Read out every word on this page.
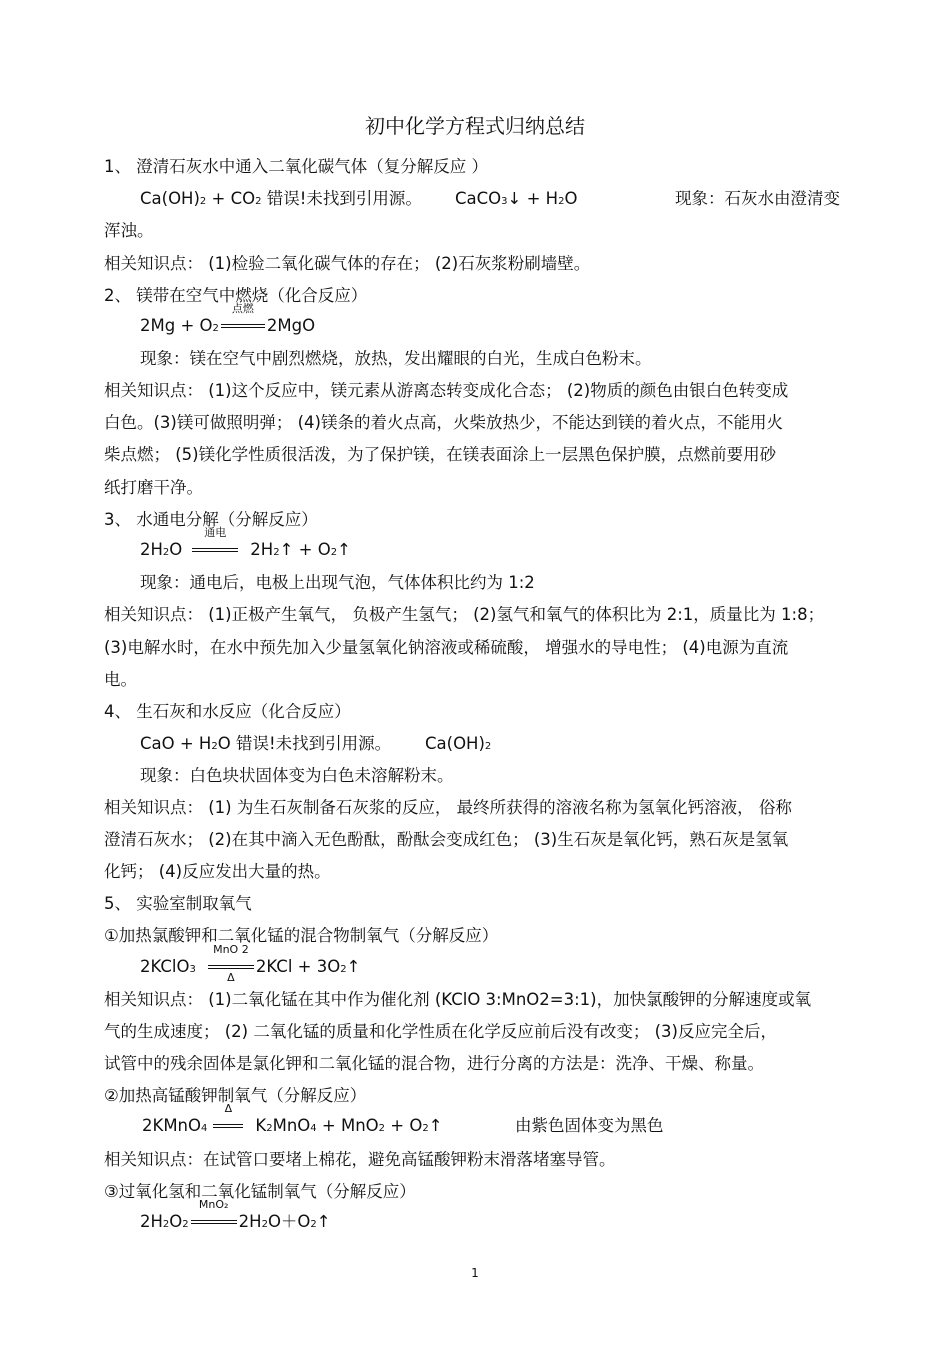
初中化学方程式归纳总结
1、 澄清石灰水中通入二氧化碳气体（复分解反应 ）
Ca(OH)2 + CO2 错误!未找到引用源。 CaCO3↓ + H2O	现象：石灰水由澄清变
浑浊。
相关知识点： (1)检验二氧化碳气体的存在； (2)石灰浆粉刷墙壁。
2、 镁带在空气中燃烧（化合反应）
2Mg + O2
点燃
2MgO
现象：镁在空气中剧烈燃烧，放热，发出耀眼的白光，生成白色粉末。
相关知识点： (1)这个反应中，镁元素从游离态转变成化合态； (2)物质的颜色由银白色转变成
白色。(3)镁可做照明弹； (4)镁条的着火点高，火柴放热少，不能达到镁的着火点，不能用火
柴点燃； (5)镁化学性质很活泼，为了保护镁，在镁表面涂上一层黑色保护膜，点燃前要用砂
纸打磨干净。
3、 水通电分解（分解反应）
2H2O
通电
2H2↑ + O2↑
现象：通电后，电极上出现气泡，气体体积比约为 1:2
相关知识点： (1)正极产生氧气， 负极产生氢气； (2)氢气和氧气的体积比为 2:1，质量比为 1:8；
(3)电解水时，在水中预先加入少量氢氧化钠溶液或稀硫酸， 增强水的导电性； (4)电源为直流
电。
4、 生石灰和水反应（化合反应）
CaO + H2O 错误!未找到引用源。 Ca(OH)2
现象：白色块状固体变为白色未溶解粉末。
相关知识点： (1) 为生石灰制备石灰浆的反应， 最终所获得的溶液名称为氢氧化钙溶液， 俗称
澄清石灰水； (2)在其中滴入无色酚酞，酚酞会变成红色； (3)生石灰是氧化钙，熟石灰是氢氧
化钙； (4)反应发出大量的热。
5、 实验室制取氧气
①加热氯酸钾和二氧化锰的混合物制氧气（分解反应）
2KClO3
MnO 2
Δ
2KCl + 3O2↑
相关知识点： (1)二氧化锰在其中作为催化剂 (KClO 3:MnO2=3:1)，加快氯酸钾的分解速度或氧
气的生成速度； (2) 二氧化锰的质量和化学性质在化学反应前后没有改变； (3)反应完全后，
试管中的残余固体是氯化钾和二氧化锰的混合物，进行分离的方法是：洗净、干燥、称量。
②加热高锰酸钾制氧气（分解反应）
2KMnO4
Δ
K2MnO4 + MnO2 + O2↑	由紫色固体变为黑色
相关知识点：在试管口要堵上棉花，避免高锰酸钾粉末滑落堵塞导管。
③过氧化氢和二氧化锰制氧气（分解反应）
2H2O2
MnO₂
2H2O＋O2↑
1
